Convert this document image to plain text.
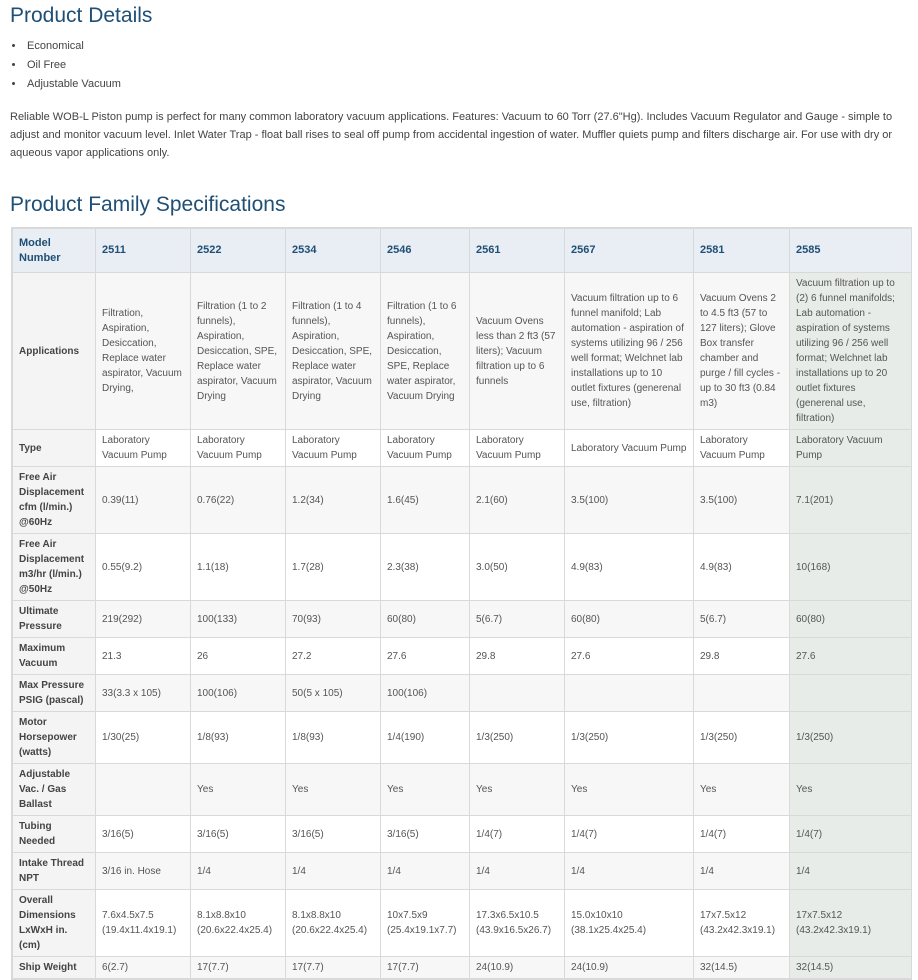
Product Details
• Economical
• Oil Free
• Adjustable Vacuum

Reliable WOB-L Piston pump is perfect for many common laboratory vacuum applications. Features: Vacuum to 60 Torr (27.6"Hg). Includes Vacuum Regulator and Gauge - simple to adjust and monitor vacuum level. Inlet Water Trap - float ball rises to seal off pump from accidental ingestion of water. Muffler quiets pump and filters discharge air. For use with dry or aqueous vapor applications only.

Product Family Specifications
Model Number	2511	2522	2534	2546	2561	2567	2581	2585
Applications	Filtration, Aspiration, Desiccation, Replace water aspirator, Vacuum Drying,	Filtration (1 to 2 funnels), Aspiration, Desiccation, SPE, Replace water aspirator, Vacuum Drying	Filtration (1 to 4 funnels), Aspiration, Desiccation, SPE, Replace water aspirator, Vacuum Drying	Filtration (1 to 6 funnels), Aspiration, Desiccation, SPE, Replace water aspirator, Vacuum Drying	Vacuum Ovens less than 2 ft3 (57 liters); Vacuum filtration up to 6 funnels	Vacuum filtration up to 6 funnel manifold; Lab automation - aspiration of systems utilizing 96 / 256 well format; Welchnet lab installations up to 10 outlet fixtures (generenal use, filtration)	Vacuum Ovens 2 to 4.5 ft3 (57 to 127 liters); Glove Box transfer chamber and purge / fill cycles - up to 30 ft3 (0.84 m3)	Vacuum filtration up to (2) 6 funnel manifolds; Lab automation - aspiration of systems utilizing 96 / 256 well format; Welchnet lab installations up to 20 outlet fixtures (generenal use, filtration)
Type	Laboratory Vacuum Pump	Laboratory Vacuum Pump	Laboratory Vacuum Pump	Laboratory Vacuum Pump	Laboratory Vacuum Pump	Laboratory Vacuum Pump	Laboratory Vacuum Pump	Laboratory Vacuum Pump
Free Air Displacement cfm (l/min.) @60Hz	0.39(11)	0.76(22)	1.2(34)	1.6(45)	2.1(60)	3.5(100)	3.5(100)	7.1(201)
Free Air Displacement m3/hr (l/min.) @50Hz	0.55(9.2)	1.1(18)	1.7(28)	2.3(38)	3.0(50)	4.9(83)	4.9(83)	10(168)
Ultimate Pressure	219(292)	100(133)	70(93)	60(80)	5(6.7)	60(80)	5(6.7)	60(80)
Maximum Vacuum	21.3	26	27.2	27.6	29.8	27.6	29.8	27.6
Max Pressure PSIG (pascal)	33(3.3 x 105)	100(106)	50(5 x 105)	100(106)				
Motor Horsepower (watts)	1/30(25)	1/8(93)	1/8(93)	1/4(190)	1/3(250)	1/3(250)	1/3(250)	1/3(250)
Adjustable Vac. / Gas Ballast		Yes	Yes	Yes	Yes	Yes	Yes	Yes
Tubing Needed	3/16(5)	3/16(5)	3/16(5)	3/16(5)	1/4(7)	1/4(7)	1/4(7)	1/4(7)
Intake Thread NPT	3/16 in. Hose	1/4	1/4	1/4	1/4	1/4	1/4	1/4
Overall Dimensions LxWxH in. (cm)	7.6x4.5x7.5 (19.4x11.4x19.1)	8.1x8.8x10 (20.6x22.4x25.4)	8.1x8.8x10 (20.6x22.4x25.4)	10x7.5x9 (25.4x19.1x7.7)	17.3x6.5x10.5 (43.9x16.5x26.7)	15.0x10x10 (38.1x25.4x25.4)	17x7.5x12 (43.2x42.3x19.1)	17x7.5x12 (43.2x42.3x19.1)
Ship Weight	6(2.7)	17(7.7)	17(7.7)	17(7.7)	24(10.9)	24(10.9)	32(14.5)	32(14.5)
